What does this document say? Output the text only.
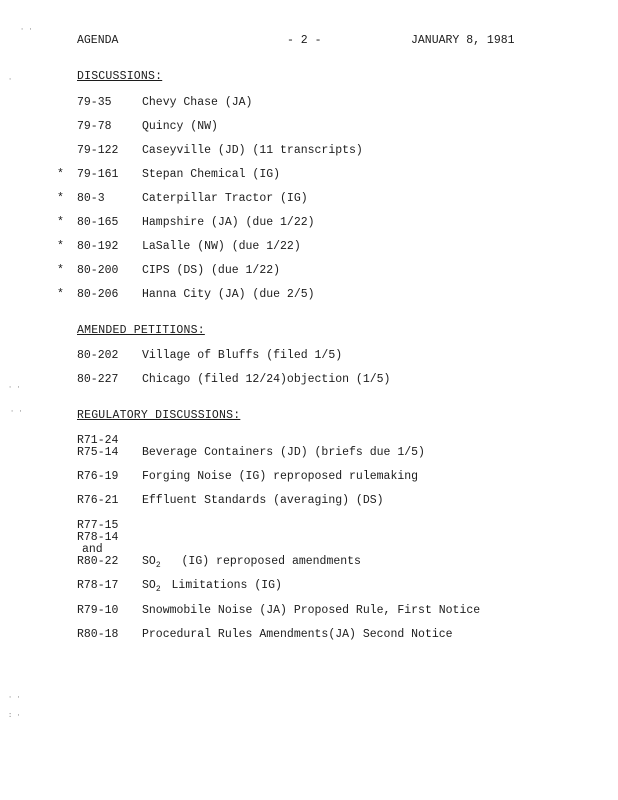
AGENDA	- 2 -	JANUARY 8, 1981
DISCUSSIONS:
79-35	Chevy Chase (JA)
79-78	Quincy (NW)
79-122 Caseyville (JD) (11 transcripts)
* 79-161 Stepan Chemical (IG)
* 80-3	Caterpillar Tractor (IG)
* 80-165 Hampshire (JA) (due 1/22)
* 80-192 LaSalle (NW) (due 1/22)
* 80-200 CIPS (DS) (due 1/22)
* 80-206 Hanna City (JA) (due 2/5)
AMENDED PETITIONS:
80-202 Village of Bluffs (filed 1/5)
80-227 Chicago (filed 12/24)objection (1/5)
REGULATORY DISCUSSIONS:
R71-24
R75-14 Beverage Containers (JD) (briefs due 1/5)
R76-19 Forging Noise (IG) reproposed rulemaking
R76-21 Effluent Standards (averaging) (DS)
R77-15
R78-14
and
R80-22 $SO_2$ (IG) reproposed amendments
R78-17 $SO_2$ Limitations (IG)
R79-10 Snowmobile Noise (JA) Proposed Rule, First Notice
R80-18 Procedural Rules Amendments(JA) Second Notice
· ·
·
· ·
· ·
· ·
: ·
